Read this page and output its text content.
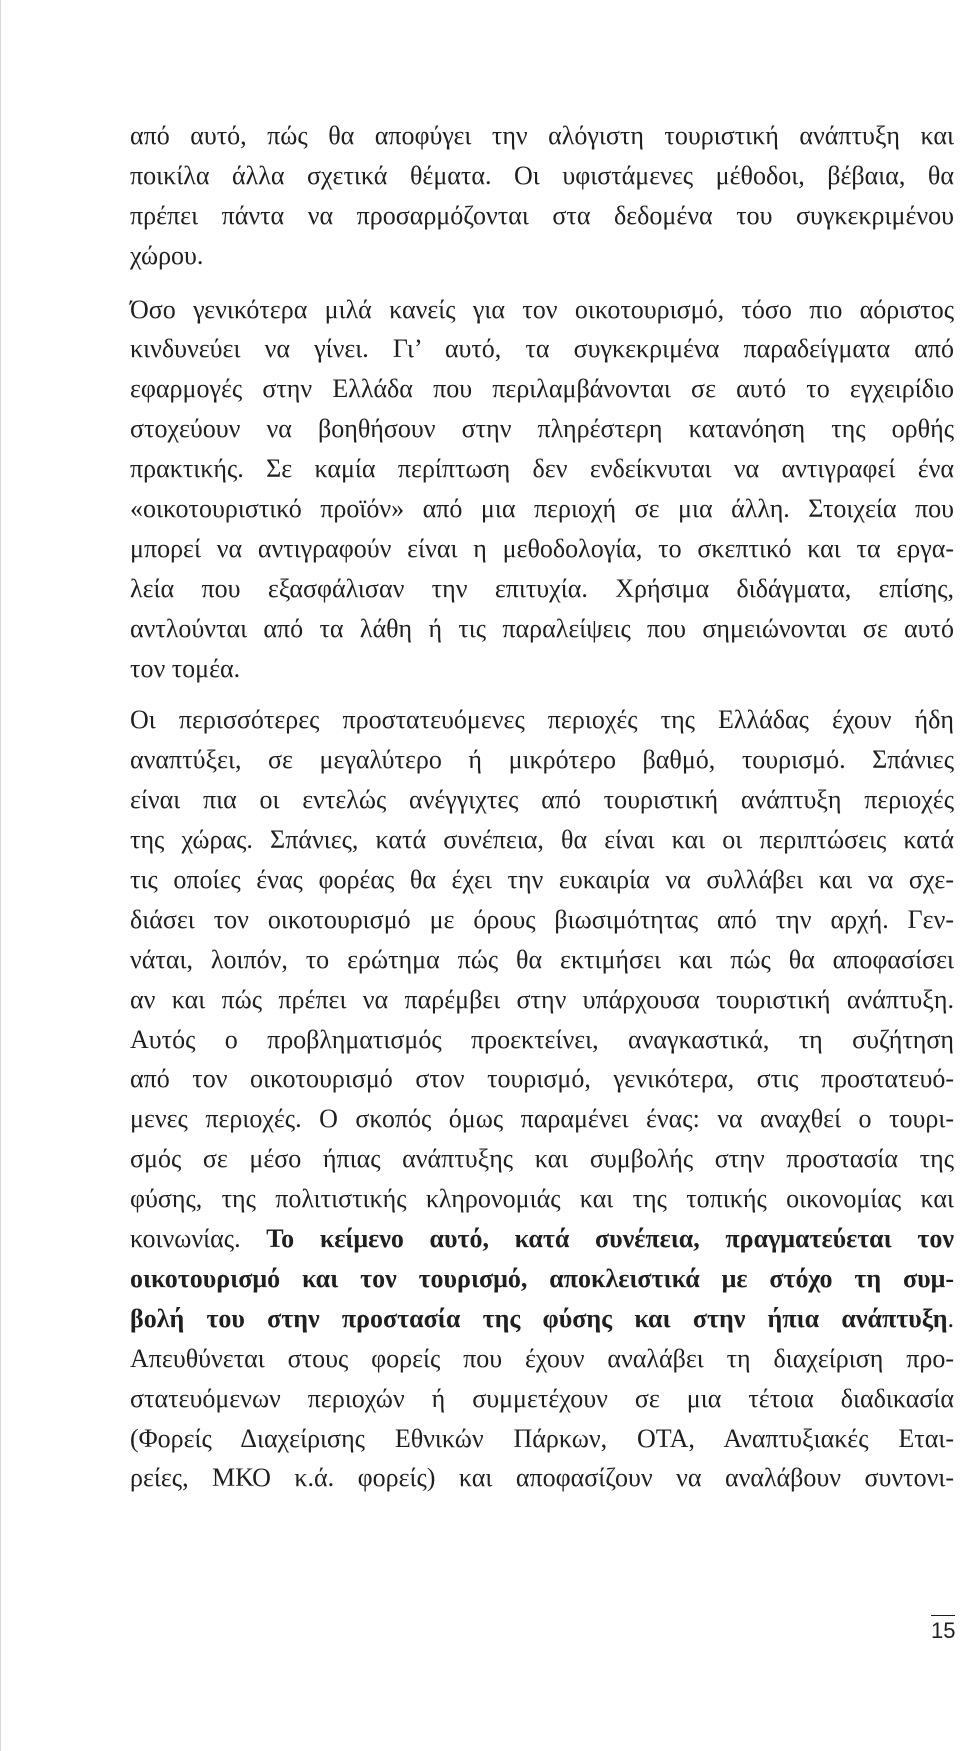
από αυτό, πώς θα αποφύγει την αλόγιστη τουριστική ανάπτυξη και
ποικίλα άλλα σχετικά θέματα. Οι υφιστάμενες μέθοδοι, βέβαια, θα
πρέπει πάντα να προσαρμόζονται στα δεδομένα του συγκεκριμένου
χώρου.

Όσο γενικότερα μιλά κανείς για τον οικοτουρισμό, τόσο πιο αόριστος
κινδυνεύει να γίνει. Γι’ αυτό, τα συγκεκριμένα παραδείγματα από
εφαρμογές στην Ελλάδα που περιλαμβάνονται σε αυτό το εγχειρίδιο
στοχεύουν να βοηθήσουν στην πληρέστερη κατανόηση της ορθής
πρακτικής. Σε καμία περίπτωση δεν ενδείκνυται να αντιγραφεί ένα
«οικοτουριστικό προϊόν» από μια περιοχή σε μια άλλη. Στοιχεία που
μπορεί να αντιγραφούν είναι η μεθοδολογία, το σκεπτικό και τα εργα-
λεία που εξασφάλισαν την επιτυχία. Χρήσιμα διδάγματα, επίσης,
αντλούνται από τα λάθη ή τις παραλείψεις που σημειώνονται σε αυτό
τον τομέα.

Οι περισσότερες προστατευόμενες περιοχές της Ελλάδας έχουν ήδη
αναπτύξει, σε μεγαλύτερο ή μικρότερο βαθμό, τουρισμό. Σπάνιες
είναι πια οι εντελώς ανέγγιχτες από τουριστική ανάπτυξη περιοχές
της χώρας. Σπάνιες, κατά συνέπεια, θα είναι και οι περιπτώσεις κατά
τις οποίες ένας φορέας θα έχει την ευκαιρία να συλλάβει και να σχε-
διάσει τον οικοτουρισμό με όρους βιωσιμότητας από την αρχή. Γεν-
νάται, λοιπόν, το ερώτημα πώς θα εκτιμήσει και πώς θα αποφασίσει
αν και πώς πρέπει να παρέμβει στην υπάρχουσα τουριστική ανάπτυξη.
Αυτός ο προβληματισμός προεκτείνει, αναγκαστικά, τη συζήτηση
από τον οικοτουρισμό στον τουρισμό, γενικότερα, στις προστατευό-
μενες περιοχές. Ο σκοπός όμως παραμένει ένας: να αναχθεί ο τουρι-
σμός σε μέσο ήπιας ανάπτυξης και συμβολής στην προστασία της
φύσης, της πολιτιστικής κληρονομιάς και της τοπικής οικονομίας και
κοινωνίας. Το κείμενο αυτό, κατά συνέπεια, πραγματεύεται τον
οικοτουρισμό και τον τουρισμό, αποκλειστικά με στόχο τη συμ-
βολή του στην προστασία της φύσης και στην ήπια ανάπτυξη.
Απευθύνεται στους φορείς που έχουν αναλάβει τη διαχείριση προ-
στατευόμενων περιοχών ή συμμετέχουν σε μια τέτοια διαδικασία
(Φορείς Διαχείρισης Εθνικών Πάρκων, ΟΤΑ, Αναπτυξιακές Εται-
ρείες, ΜΚΟ κ.ά. φορείς) και αποφασίζουν να αναλάβουν συντονι-

15
